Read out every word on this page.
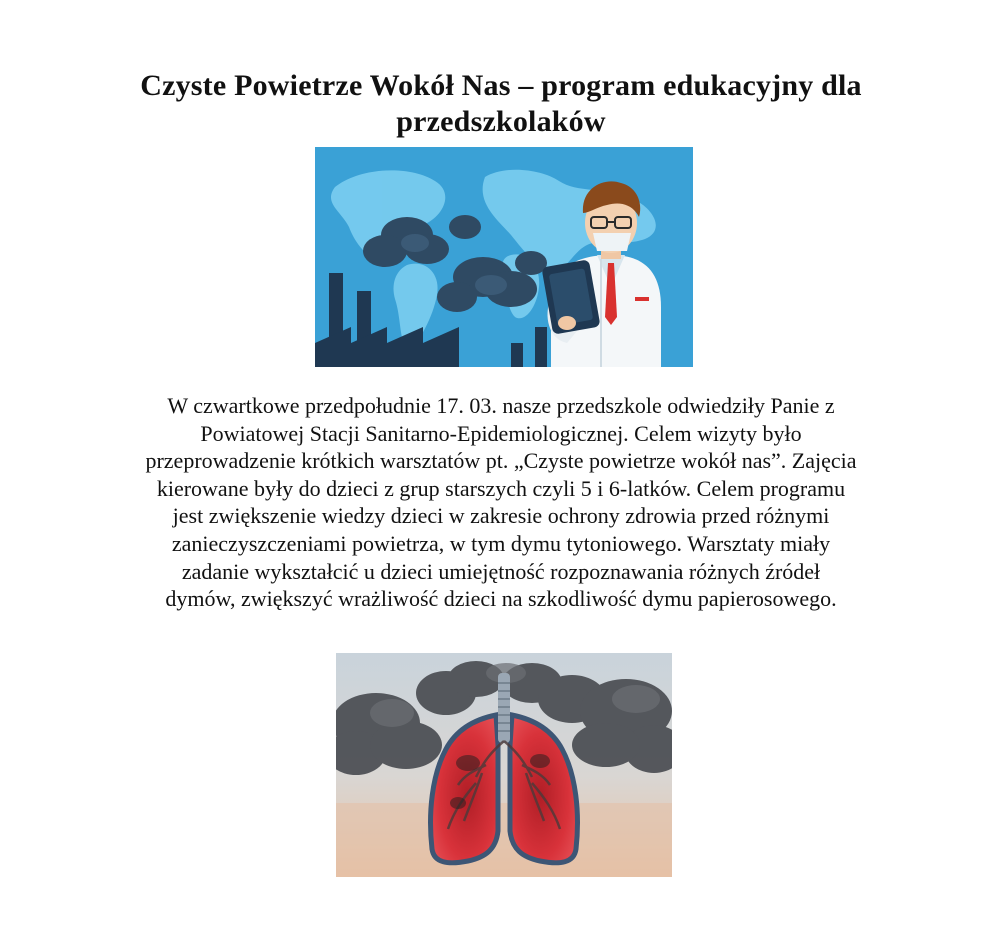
Czyste Powietrze Wokół Nas – program edukacyjny dla
przedszkolaków
W czwartkowe przedpołudnie 17. 03. nasze przedszkole odwiedziły Panie z
Powiatowej Stacji Sanitarno-Epidemiologicznej. Celem wizyty było
przeprowadzenie krótkich warsztatów pt. „Czyste powietrze wokół nas”. Zajęcia
kierowane były do dzieci z grup starszych czyli 5 i 6-latków. Celem programu
jest zwiększenie wiedzy dzieci w zakresie ochrony zdrowia przed różnymi
zanieczyszczeniami powietrza, w tym dymu tytoniowego. Warsztaty miały
zadanie wykształcić u dzieci umiejętność rozpoznawania różnych źródeł
dymów, zwiększyć wrażliwość dzieci na szkodliwość dymu papierosowego.
